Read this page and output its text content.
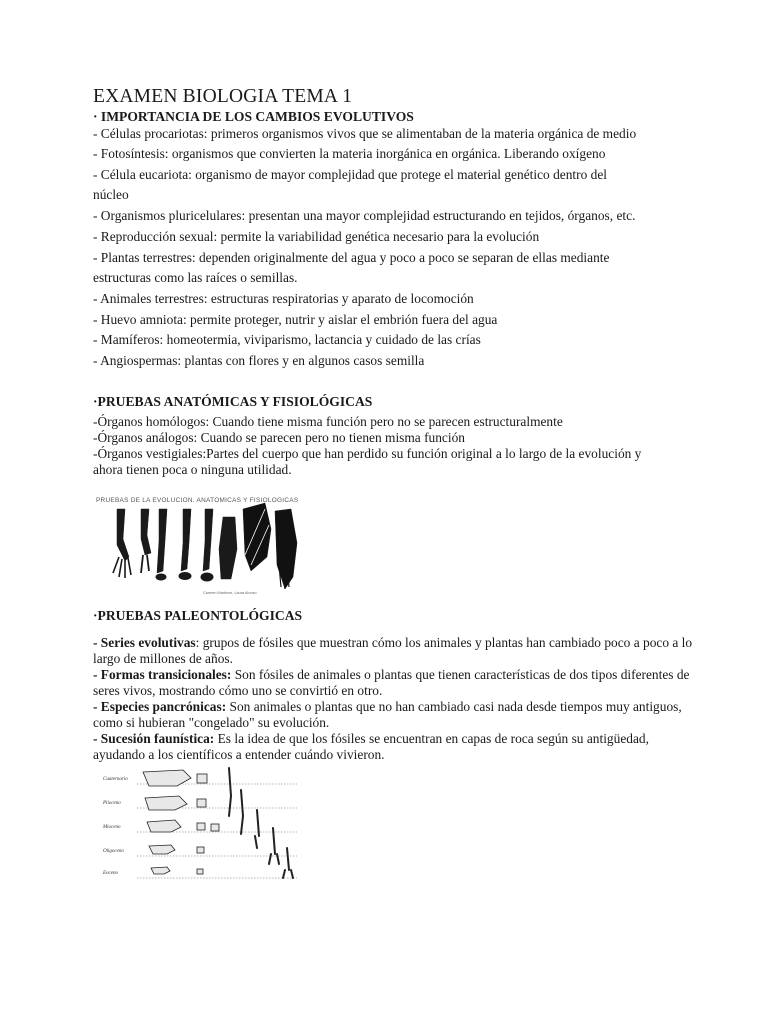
EXAMEN BIOLOGIA TEMA 1
· IMPORTANCIA DE LOS CAMBIOS EVOLUTIVOS
- Células procariotas: primeros organismos vivos que se alimentaban de la materia orgánica de medio
- Fotosíntesis: organismos que convierten la materia inorgánica en orgánica. Liberando oxígeno
- Célula eucariota: organismo de mayor complejidad que protege el material genético dentro del
núcleo
- Organismos pluricelulares: presentan una mayor complejidad estructurando en tejidos, órganos, etc.
- Reproducción sexual: permite la variabilidad genética necesario para la evolución
- Plantas terrestres: dependen originalmente del agua y poco a poco se separan de ellas mediante
estructuras como las raíces o semillas.
- Animales terrestres: estructuras respiratorias y aparato de locomoción
- Huevo amniota: permite proteger, nutrir y aislar el embrión fuera del agua
- Mamíferos: homeotermia, viviparismo, lactancia y cuidado de las crías
- Angiospermas: plantas con flores y en algunos casos semilla
·PRUEBAS ANATÓMICAS Y FISIOLÓGICAS
-Órganos homólogos: Cuando tiene misma función pero no se parecen estructuralmente
-Órganos análogos: Cuando se parecen pero no tienen misma función
-Órganos vestigiales:Partes del cuerpo que han perdido su función original a lo largo de la evolución y
ahora tienen poca o ninguna utilidad.
PRUEBAS DE LA EVOLUCION. ANATOMICAS Y FISIOLOGICAS
Carmen Martínez, Laura Alonso
·PRUEBAS PALEONTOLÓGICAS
- Series evolutivas: grupos de fósiles que muestran cómo los animales y plantas han cambiado poco a poco a lo largo de millones de años.
- Formas transicionales: Son fósiles de animales o plantas que tienen características de dos tipos diferentes de seres vivos, mostrando cómo uno se convirtió en otro.
- Especies pancrónicas: Son animales o plantas que no han cambiado casi nada desde tiempos muy antiguos, como si hubieran "congelado" su evolución.
- Sucesión faunística: Es la idea de que los fósiles se encuentran en capas de roca según su antigüedad, ayudando a los científicos a entender cuándo vivieron.
Cuaternario
Plioceno
Mioceno
Oligoceno
Eoceno
